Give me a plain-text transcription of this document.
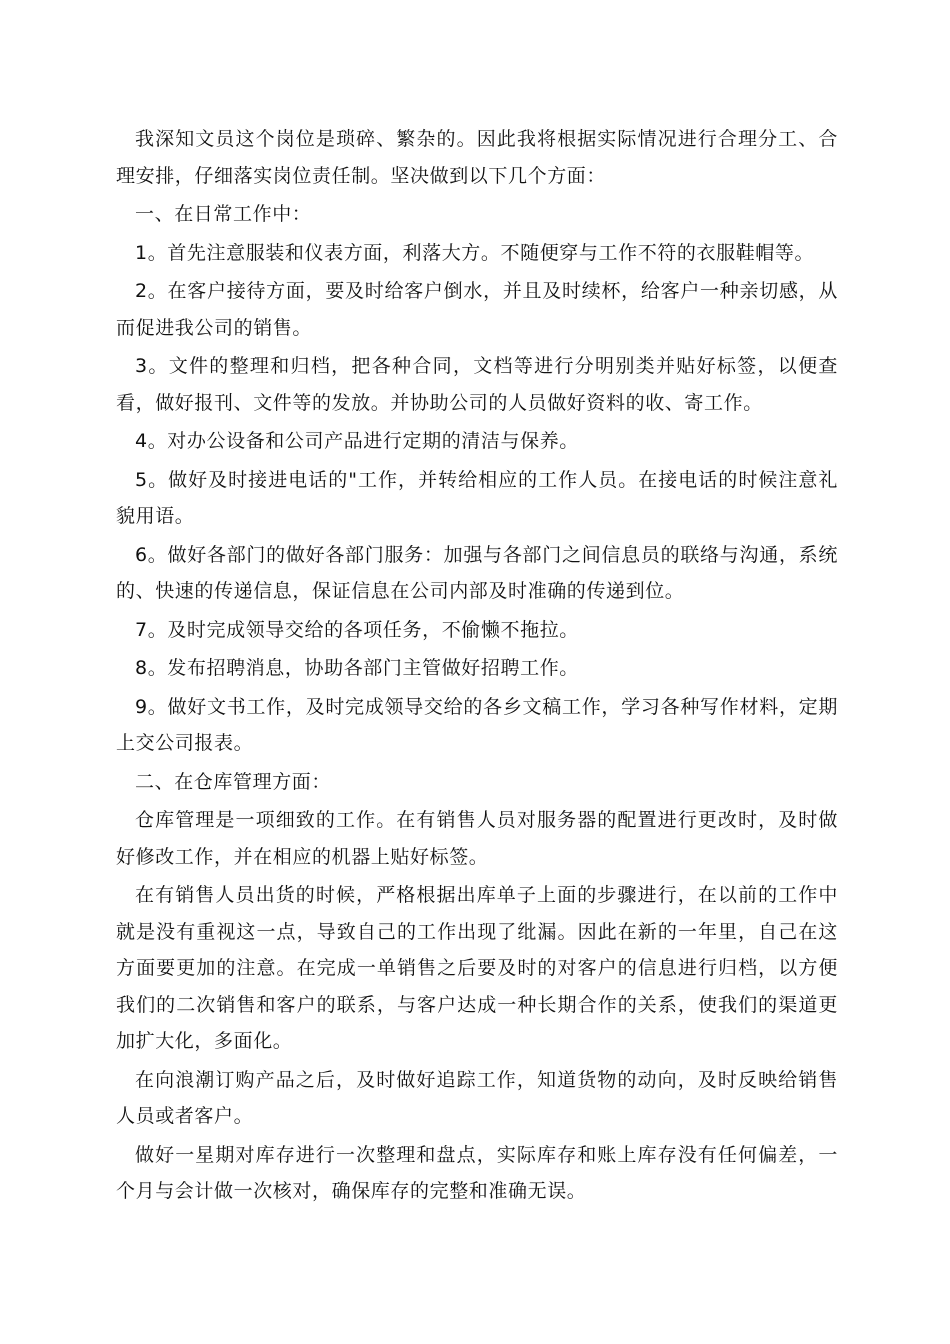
我深知文员这个岗位是琐碎、繁杂的。因此我将根据实际情况进行合理分工、合理安排，仔细落实岗位责任制。坚决做到以下几个方面：

一、在日常工作中：

1。首先注意服装和仪表方面，利落大方。不随便穿与工作不符的衣服鞋帽等。

2。在客户接待方面，要及时给客户倒水，并且及时续杯，给客户一种亲切感，从而促进我公司的销售。

3。文件的整理和归档，把各种合同，文档等进行分明别类并贴好标签，以便查看，做好报刊、文件等的发放。并协助公司的人员做好资料的收、寄工作。

4。对办公设备和公司产品进行定期的清洁与保养。

5。做好及时接进电话的"工作，并转给相应的工作人员。在接电话的时候注意礼貌用语。

6。做好各部门的做好各部门服务：加强与各部门之间信息员的联络与沟通，系统的、快速的传递信息，保证信息在公司内部及时准确的传递到位。

7。及时完成领导交给的各项任务，不偷懒不拖拉。

8。发布招聘消息，协助各部门主管做好招聘工作。

9。做好文书工作，及时完成领导交给的各乡文稿工作，学习各种写作材料，定期上交公司报表。

二、在仓库管理方面：

仓库管理是一项细致的工作。在有销售人员对服务器的配置进行更改时，及时做好修改工作，并在相应的机器上贴好标签。

在有销售人员出货的时候，严格根据出库单子上面的步骤进行，在以前的工作中就是没有重视这一点，导致自己的工作出现了纰漏。因此在新的一年里，自己在这方面要更加的注意。在完成一单销售之后要及时的对客户的信息进行归档，以方便我们的二次销售和客户的联系，与客户达成一种长期合作的关系，使我们的渠道更加扩大化，多面化。

在向浪潮订购产品之后，及时做好追踪工作，知道货物的动向，及时反映给销售人员或者客户。

做好一星期对库存进行一次整理和盘点，实际库存和账上库存没有任何偏差，一个月与会计做一次核对，确保库存的完整和准确无误。
